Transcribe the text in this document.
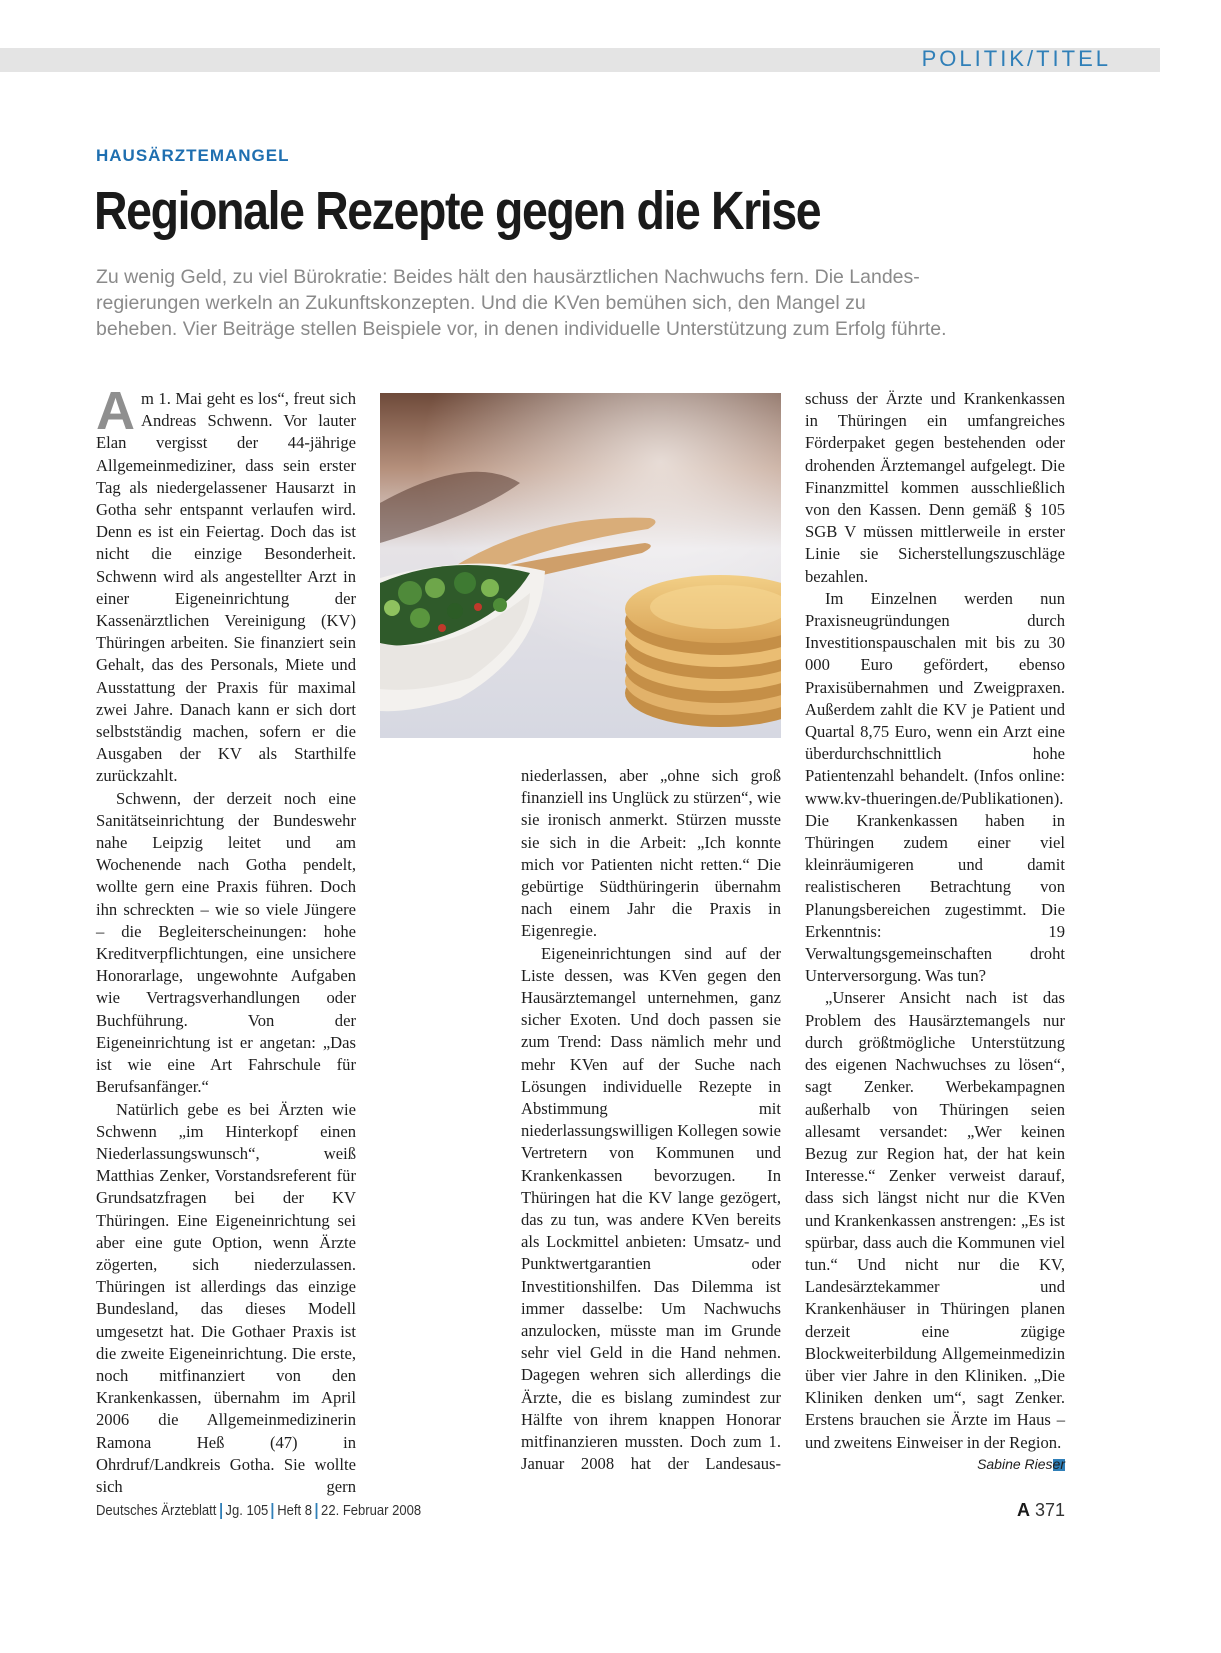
POLITIK/TITEL
HAUSÄRZTEMANGEL
Regionale Rezepte gegen die Krise
Zu wenig Geld, zu viel Bürokratie: Beides hält den hausärztlichen Nachwuchs fern. Die Landes-
regierungen werkeln an Zukunftskonzepten. Und die KVen bemühen sich, den Mangel zu
beheben. Vier Beiträge stellen Beispiele vor, in denen individuelle Unterstützung zum Erfolg führte.

Am 1. Mai geht es los“, freut sich Andreas Schwenn. Vor lauter Elan vergisst der 44-jährige Allgemeinmediziner, dass sein erster Tag als niedergelassener Hausarzt in Gotha sehr entspannt verlaufen wird. Denn es ist ein Feiertag. Doch das ist nicht die einzige Besonderheit. Schwenn wird als angestellter Arzt in einer Eigeneinrichtung der Kassenärztlichen Vereinigung (KV) Thüringen arbeiten. Sie finanziert sein Gehalt, das des Personals, Miete und Ausstattung der Praxis für maximal zwei Jahre. Danach kann er sich dort selbstständig machen, sofern er die Ausgaben der KV als Starthilfe zurückzahlt.

Schwenn, der derzeit noch eine Sanitätseinrichtung der Bundeswehr nahe Leipzig leitet und am Wochenende nach Gotha pendelt, wollte gern eine Praxis führen. Doch ihn schreckten – wie so viele Jüngere – die Begleiterscheinungen: hohe Kreditverpflichtungen, eine unsichere Honorarlage, ungewohnte Aufgaben wie Vertragsverhandlungen oder Buchführung. Von der Eigeneinrichtung ist er angetan: „Das ist wie eine Art Fahrschule für Berufsanfänger.“

Natürlich gebe es bei Ärzten wie Schwenn „im Hinterkopf einen Niederlassungswunsch“, weiß Matthias Zenker, Vorstandsreferent für Grundsatzfragen bei der KV Thüringen. Eine Eigeneinrichtung sei aber eine gute Option, wenn Ärzte zögerten, sich niederzulassen. Thüringen ist allerdings das einzige Bundesland, das dieses Modell umgesetzt hat. Die Gothaer Praxis ist die zweite Eigeneinrichtung. Die erste, noch mitfinanziert von den Krankenkassen, übernahm im April 2006 die Allgemeinmedizinerin Ramona Heß (47) in Ohrdruf/Landkreis Gotha. Sie wollte sich gern

niederlassen, aber „ohne sich groß finanziell ins Unglück zu stürzen“, wie sie ironisch anmerkt. Stürzen musste sie sich in die Arbeit: „Ich konnte mich vor Patienten nicht retten.“ Die gebürtige Südthüringerin übernahm nach einem Jahr die Praxis in Eigenregie.

Eigeneinrichtungen sind auf der Liste dessen, was KVen gegen den Hausärztemangel unternehmen, ganz sicher Exoten. Und doch passen sie zum Trend: Dass nämlich mehr und mehr KVen auf der Suche nach Lösungen individuelle Rezepte in Abstimmung mit niederlassungswilligen Kollegen sowie Vertretern von Kommunen und Krankenkassen bevorzugen. In Thüringen hat die KV lange gezögert, das zu tun, was andere KVen bereits als Lockmittel anbieten: Umsatz- und Punktwertgarantien oder Investitionshilfen. Das Dilemma ist immer dasselbe: Um Nachwuchs anzulocken, müsste man im Grunde sehr viel Geld in die Hand nehmen. Dagegen wehren sich allerdings die Ärzte, die es bislang zumindest zur Hälfte von ihrem knappen Honorar mitfinanzieren mussten. Doch zum 1. Januar 2008 hat der Landesaus-

schuss der Ärzte und Krankenkassen in Thüringen ein umfangreiches Förderpaket gegen bestehenden oder drohenden Ärztemangel aufgelegt. Die Finanzmittel kommen ausschließlich von den Kassen. Denn gemäß § 105 SGB V müssen mittlerweile in erster Linie sie Sicherstellungszuschläge bezahlen.

Im Einzelnen werden nun Praxisneugründungen durch Investitionspauschalen mit bis zu 30 000 Euro gefördert, ebenso Praxisübernahmen und Zweigpraxen. Außerdem zahlt die KV je Patient und Quartal 8,75 Euro, wenn ein Arzt eine überdurchschnittlich hohe Patientenzahl behandelt. (Infos online: www.kv-thueringen.de/Publikationen). Die Krankenkassen haben in Thüringen zudem einer viel kleinräumigeren und damit realistischeren Betrachtung von Planungsbereichen zugestimmt. Die Erkenntnis: 19 Verwaltungsgemeinschaften droht Unterversorgung. Was tun?

„Unserer Ansicht nach ist das Problem des Hausärztemangels nur durch größtmögliche Unterstützung des eigenen Nachwuchses zu lösen“, sagt Zenker. Werbekampagnen außerhalb von Thüringen seien allesamt versandet: „Wer keinen Bezug zur Region hat, der hat kein Interesse.“ Zenker verweist darauf, dass sich längst nicht nur die KVen und Krankenkassen anstrengen: „Es ist spürbar, dass auch die Kommunen viel tun.“ Und nicht nur die KV, Landesärztekammer und Krankenhäuser in Thüringen planen derzeit eine zügige Blockweiterbildung Allgemeinmedizin über vier Jahre in den Kliniken. „Die Kliniken denken um“, sagt Zenker. Erstens brauchen sie Ärzte im Haus – und zweitens Einweiser in der Region.

Sabine Rieser
Deutsches Ärzteblatt Jg. 105 Heft 8 22. Februar 2008	A 371
